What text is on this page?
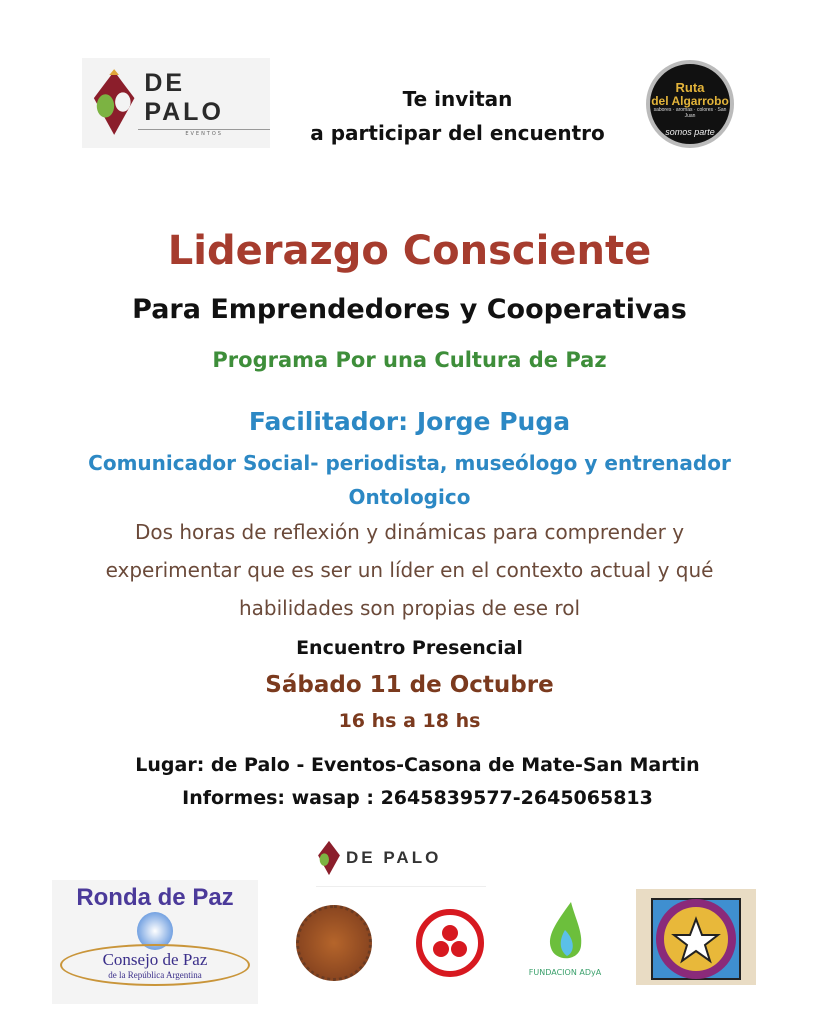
DE PALO
EVENTOS
Te invitan
a participar del encuentro
Ruta
del Algarrobo
sabores · aromas · colores · San Juan
somos parte
Liderazgo Consciente
Para Emprendedores y Cooperativas
Programa Por una Cultura de Paz
Facilitador: Jorge Puga
Comunicador Social- periodista, museólogo y entrenador
Ontologico
Dos horas de reflexión y dinámicas para comprender y
experimentar que es ser un líder en el contexto actual y qué
habilidades son propias de ese rol
Encuentro Presencial
Sábado 11 de Octubre
16 hs a 18 hs
Lugar: de Palo - Eventos-Casona de Mate-San Martin
Informes: wasap : 2645839577-2645065813
DE PALO
Ronda de Paz
Consejo de Paz
de la República Argentina	FUNDACION ADyA
